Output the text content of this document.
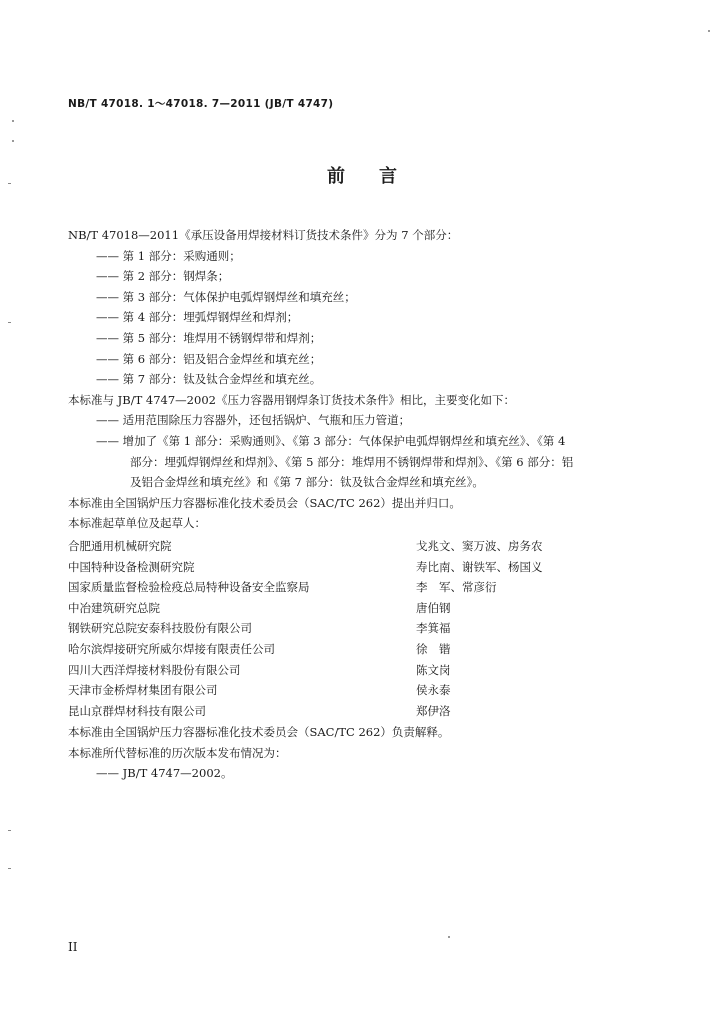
NB/T 47018. 1～47018. 7—2011 (JB/T 4747)
前言
NB/T 47018—2011《承压设备用焊接材料订货技术条件》分为 7 个部分：
—— 第 1 部分：采购通则；
—— 第 2 部分：钢焊条；
—— 第 3 部分：气体保护电弧焊钢焊丝和填充丝；
—— 第 4 部分：埋弧焊钢焊丝和焊剂；
—— 第 5 部分：堆焊用不锈钢焊带和焊剂；
—— 第 6 部分：铝及铝合金焊丝和填充丝；
—— 第 7 部分：钛及钛合金焊丝和填充丝。
本标准与 JB/T 4747—2002《压力容器用钢焊条订货技术条件》相比，主要变化如下：
—— 适用范围除压力容器外，还包括锅炉、气瓶和压力管道；
—— 增加了《第 1 部分：采购通则》、《第 3 部分：气体保护电弧焊钢焊丝和填充丝》、《第 4
部分：埋弧焊钢焊丝和焊剂》、《第 5 部分：堆焊用不锈钢焊带和焊剂》、《第 6 部分：铝
及铝合金焊丝和填充丝》和《第 7 部分：钛及钛合金焊丝和填充丝》。
本标准由全国锅炉压力容器标准化技术委员会（SAC/TC 262）提出并归口。
本标准起草单位及起草人：
合肥通用机械研究院	戈兆文、窦万波、房务农
中国特种设备检测研究院	寿比南、谢铁军、杨国义
国家质量监督检验检疫总局特种设备安全监察局	李　军、常彦衍
中冶建筑研究总院	唐伯钢
钢铁研究总院安泰科技股份有限公司	李箕福
哈尔滨焊接研究所威尔焊接有限责任公司	徐　锴
四川大西洋焊接材料股份有限公司	陈文岗
天津市金桥焊材集团有限公司	侯永泰
昆山京群焊材科技有限公司	郑伊洛
本标准由全国锅炉压力容器标准化技术委员会（SAC/TC 262）负责解释。
本标准所代替标准的历次版本发布情况为：
—— JB/T 4747—2002。
II
